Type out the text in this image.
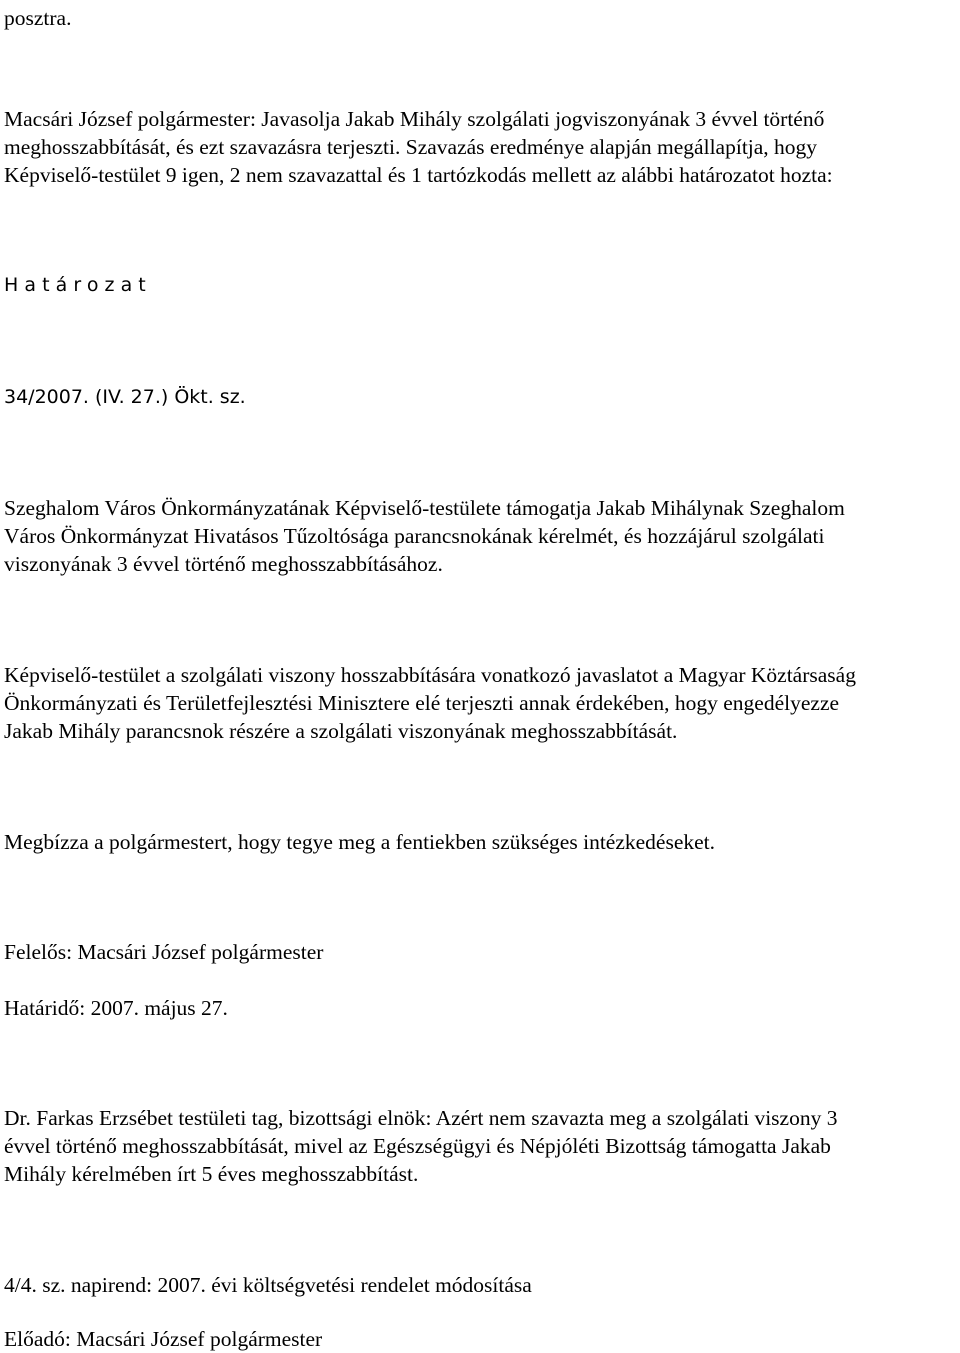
posztra.

Macsári József polgármester: Javasolja Jakab Mihály szolgálati jogviszonyának 3 évvel történő

meghosszabbítását, és ezt szavazásra terjeszti. Szavazás eredménye alapján megállapítja, hogy

Képviselő-testület 9 igen, 2 nem szavazattal és 1 tartózkodás mellett az alábbi határozatot hozta:

Határozat

34/2007. (IV. 27.) Ökt. sz.

Szeghalom Város Önkormányzatának Képviselő-testülete támogatja Jakab Mihálynak Szeghalom

Város Önkormányzat Hivatásos Tűzoltósága parancsnokának kérelmét, és hozzájárul szolgálati

viszonyának 3 évvel történő meghosszabbításához.

Képviselő-testület a szolgálati viszony hosszabbítására vonatkozó javaslatot a Magyar Köztársaság

Önkormányzati és Területfejlesztési Minisztere elé terjeszti annak érdekében, hogy engedélyezze

Jakab Mihály parancsnok részére a szolgálati viszonyának meghosszabbítását.

Megbízza a polgármestert, hogy tegye meg a fentiekben szükséges intézkedéseket.

Felelős: Macsári József polgármester

Határidő: 2007. május 27.

Dr. Farkas Erzsébet testületi tag, bizottsági elnök: Azért nem szavazta meg a szolgálati viszony 3

évvel történő meghosszabbítását, mivel az Egészségügyi és Népjóléti Bizottság támogatta Jakab

Mihály kérelmében írt 5 éves meghosszabbítást.

4/4. sz. napirend: 2007. évi költségvetési rendelet módosítása

Előadó: Macsári József polgármester
